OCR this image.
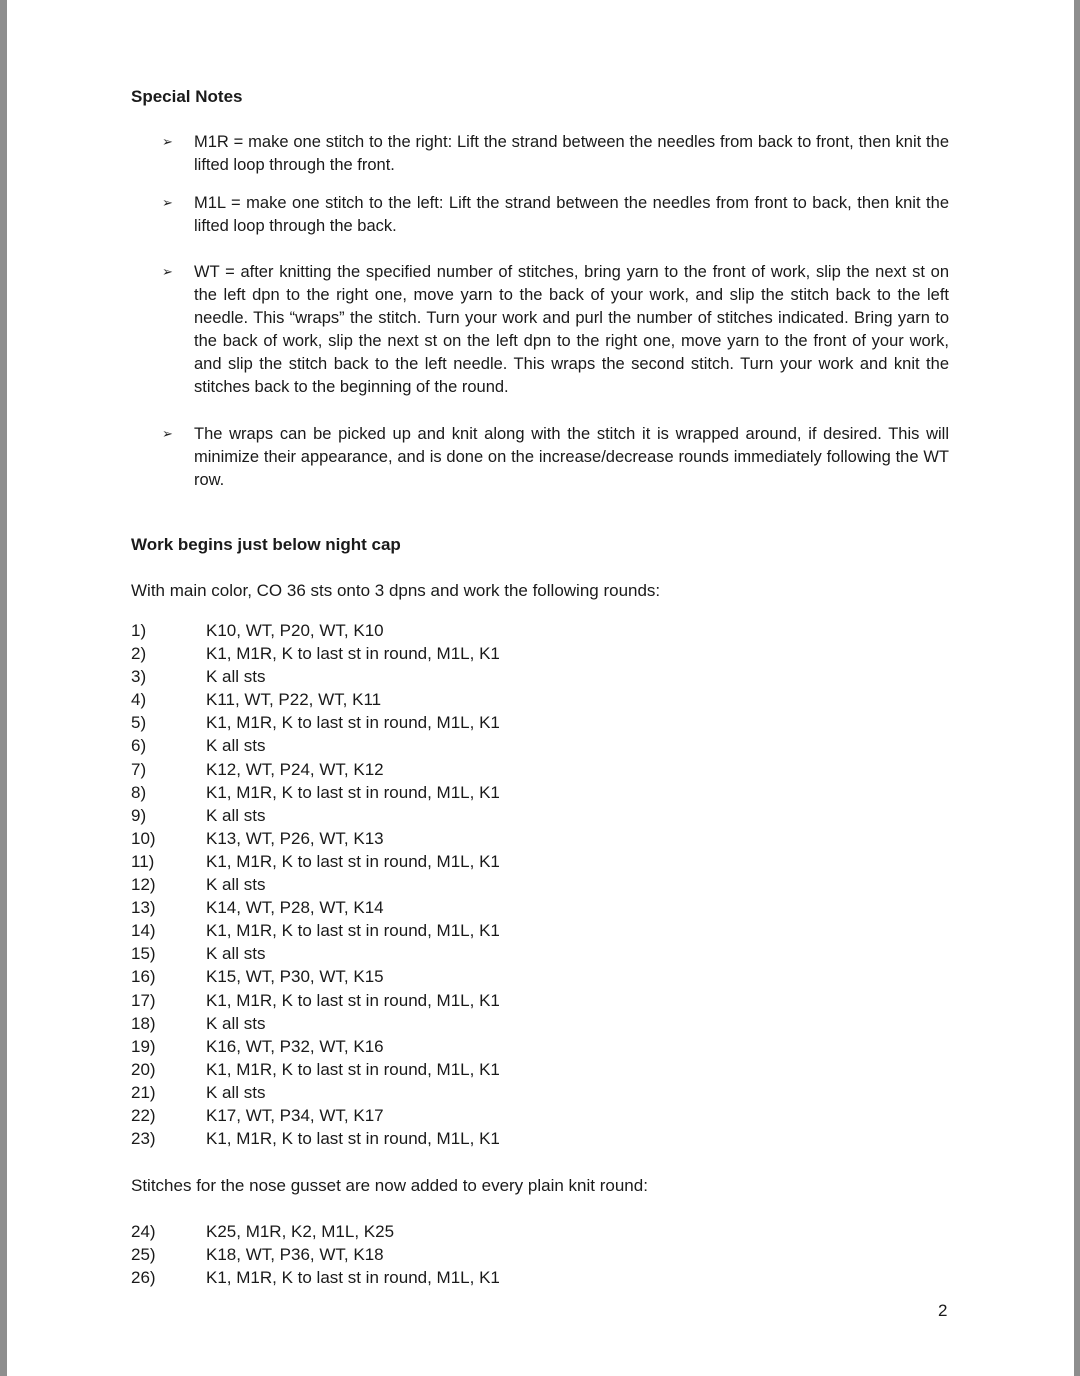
Special Notes
➢	M1R = make one stitch to the right: Lift the strand between the needles from back to front, then knit the lifted loop through the front.

➢	M1L = make one stitch to the left: Lift the strand between the needles from front to back, then knit the lifted loop through the back.

➢	WT = after knitting the specified number of stitches, bring yarn to the front of work, slip the next st on the left dpn to the right one, move yarn to the back of your work, and slip the stitch back to the left needle. This “wraps” the stitch. Turn your work and purl the number of stitches indicated. Bring yarn to the back of work, slip the next st on the left dpn to the right one, move yarn to the front of your work, and slip the stitch back to the left needle. This wraps the second stitch. Turn your work and knit the stitches back to the beginning of the round.

➢	The wraps can be picked up and knit along with the stitch it is wrapped around, if desired. This will minimize their appearance, and is done on the increase/decrease rounds immediately following the WT row.

Work begins just below night cap

With main color, CO 36 sts onto 3 dpns and work the following rounds:

1)	K10, WT, P20, WT, K10
2)	K1, M1R, K to last st in round, M1L, K1
3)	K all sts
4)	K11, WT, P22, WT, K11
5)	K1, M1R, K to last st in round, M1L, K1
6)	K all sts
7)	K12, WT, P24, WT, K12
8)	K1, M1R, K to last st in round, M1L, K1
9)	K all sts
10)	K13, WT, P26, WT, K13
11)	K1, M1R, K to last st in round, M1L, K1
12)	K all sts
13)	K14, WT, P28, WT, K14
14)	K1, M1R, K to last st in round, M1L, K1
15)	K all sts
16)	K15, WT, P30, WT, K15
17)	K1, M1R, K to last st in round, M1L, K1
18)	K all sts
19)	K16, WT, P32, WT, K16
20)	K1, M1R, K to last st in round, M1L, K1
21)	K all sts
22)	K17, WT, P34, WT, K17
23)	K1, M1R, K to last st in round, M1L, K1

Stitches for the nose gusset are now added to every plain knit round:

24)	K25, M1R, K2, M1L, K25
25)	K18, WT, P36, WT, K18
26)	K1, M1R, K to last st in round, M1L, K1
2
